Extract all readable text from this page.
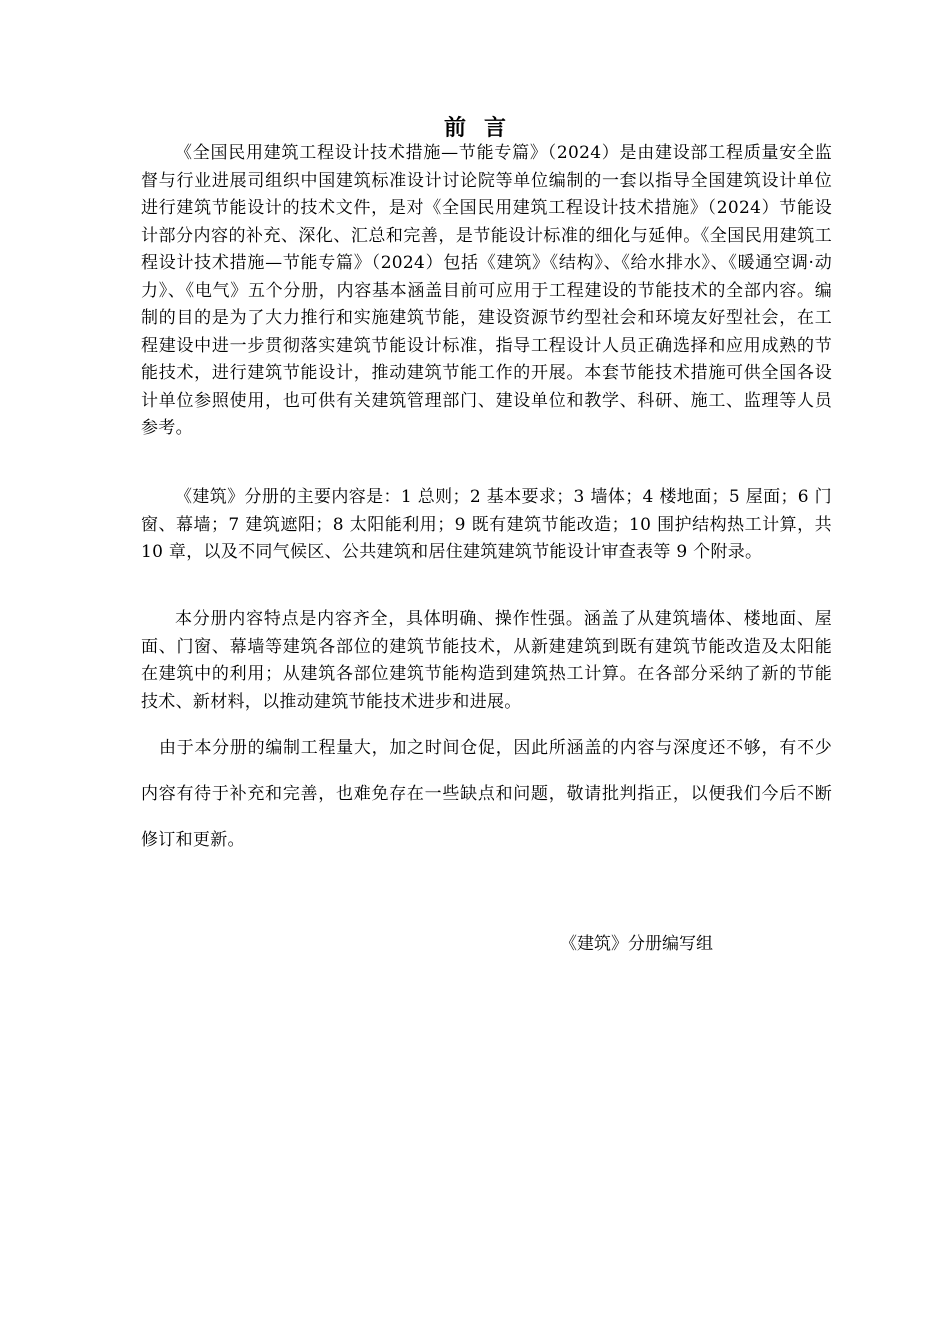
前言

《全国民用建筑工程设计技术措施—节能专篇》（2024）是由建设部工程质量安全监督与行业进展司组织中国建筑标准设计讨论院等单位编制的一套以指导全国建筑设计单位进行建筑节能设计的技术文件，是对《全国民用建筑工程设计技术措施》（2024）节能设计部分内容的补充、深化、汇总和完善，是节能设计标准的细化与延伸。《全国民用建筑工程设计技术措施—节能专篇》（2024）包括《建筑》《结构》、《给水排水》、《暖通空调·动力》、《电气》五个分册，内容基本涵盖目前可应用于工程建设的节能技术的全部内容。编制的目的是为了大力推行和实施建筑节能，建设资源节约型社会和环境友好型社会，在工程建设中进一步贯彻落实建筑节能设计标准，指导工程设计人员正确选择和应用成熟的节能技术，进行建筑节能设计，推动建筑节能工作的开展。本套节能技术措施可供全国各设计单位参照使用，也可供有关建筑管理部门、建设单位和教学、科研、施工、监理等人员参考。

《建筑》分册的主要内容是：1 总则；2 基本要求；3 墙体；4 楼地面；5 屋面；6 门窗、幕墙；7 建筑遮阳；8 太阳能利用；9 既有建筑节能改造；10 围护结构热工计算，共 10 章，以及不同气候区、公共建筑和居住建筑建筑节能设计审查表等 9 个附录。

本分册内容特点是内容齐全，具体明确、操作性强。涵盖了从建筑墙体、楼地面、屋面、门窗、幕墙等建筑各部位的建筑节能技术，从新建建筑到既有建筑节能改造及太阳能在建筑中的利用；从建筑各部位建筑节能构造到建筑热工计算。在各部分采纳了新的节能技术、新材料，以推动建筑节能技术进步和进展。

由于本分册的编制工程量大，加之时间仓促，因此所涵盖的内容与深度还不够，有不少内容有待于补充和完善，也难免存在一些缺点和问题，敬请批判指正，以便我们今后不断修订和更新。

《建筑》分册编写组
